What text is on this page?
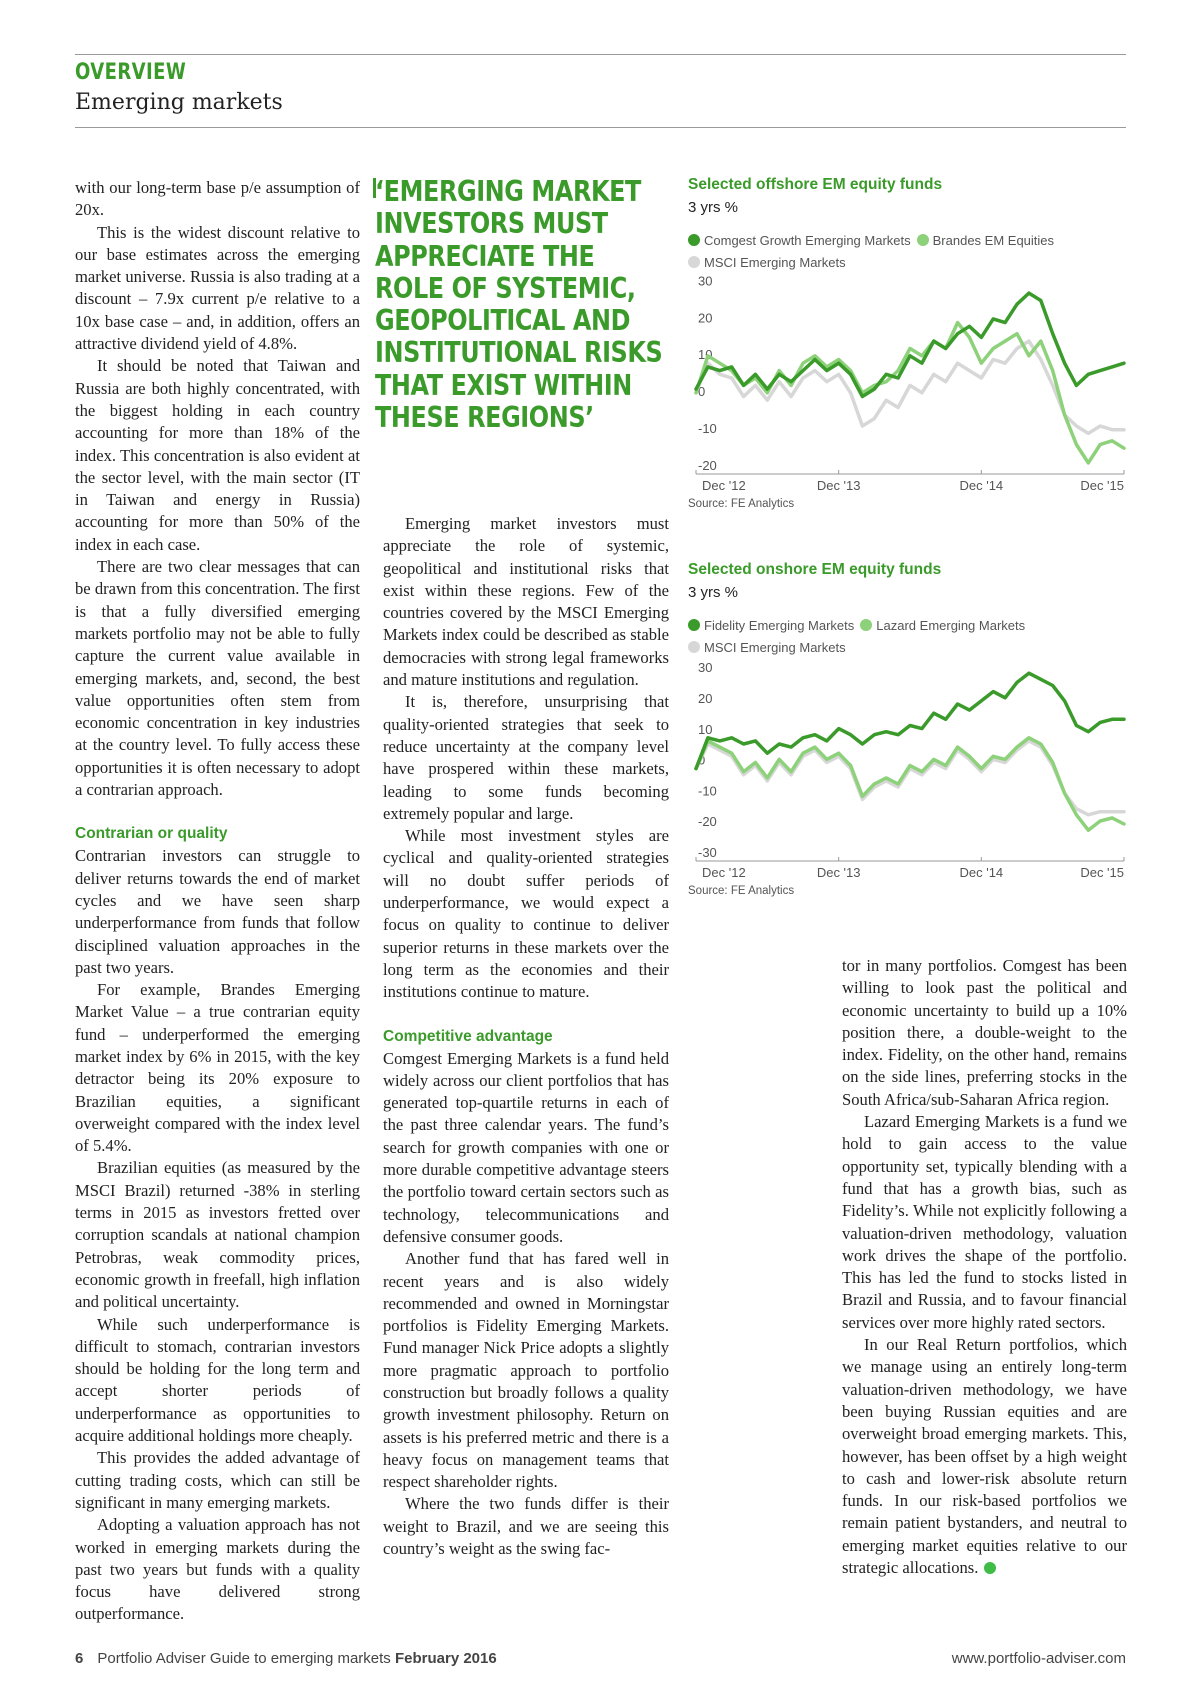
OVERVIEW
Emerging markets

with our long-term base p/e assumption of 20x.

This is the widest discount relative to our base estimates across the emerging market universe. Russia is also trading at a discount – 7.9x current p/e relative to a 10x base case – and, in addition, offers an attractive dividend yield of 4.8%.

It should be noted that Taiwan and Russia are both highly concentrated, with the biggest holding in each country accounting for more than 18% of the index. This concentration is also evident at the sector level, with the main sector (IT in Taiwan and energy in Russia) accounting for more than 50% of the index in each case.

There are two clear messages that can be drawn from this concentration. The first is that a fully diversified emerging markets portfolio may not be able to fully capture the current value available in emerging markets, and, second, the best value opportunities often stem from economic concentration in key industries at the country level. To fully access these opportunities it is often necessary to adopt a contrarian approach.

Contrarian or quality

Contrarian investors can struggle to deliver returns towards the end of market cycles and we have seen sharp underperformance from funds that follow disciplined valuation approaches in the past two years.

For example, Brandes Emerging Market Value – a true contrarian equity fund – underperformed the emerging market index by 6% in 2015, with the key detractor being its 20% exposure to Brazilian equities, a significant overweight compared with the index level of 5.4%.

Brazilian equities (as measured by the MSCI Brazil) returned -38% in sterling terms in 2015 as investors fretted over corruption scandals at national champion Petrobras, weak commodity prices, economic growth in freefall, high inflation and political uncertainty.

While such underperformance is difficult to stomach, contrarian investors should be holding for the long term and accept shorter periods of underperformance as opportunities to acquire additional holdings more cheaply.

This provides the added advantage of cutting trading costs, which can still be significant in many emerging markets.

Adopting a valuation approach has not worked in emerging markets during the past two years but funds with a quality focus have delivered strong outperformance.

‘EMERGING MARKET
INVESTORS MUST
APPRECIATE THE
ROLE OF SYSTEMIC,
GEOPOLITICAL AND
INSTITUTIONAL RISKS
THAT EXIST WITHIN
THESE REGIONS’

Emerging market investors must appreciate the role of systemic, geopolitical and institutional risks that exist within these regions. Few of the countries covered by the MSCI Emerging Markets index could be described as stable democracies with strong legal frameworks and mature institutions and regulation.

It is, therefore, unsurprising that quality-oriented strategies that seek to reduce uncertainty at the company level have prospered within these markets, leading to some funds becoming extremely popular and large.

While most investment styles are cyclical and quality-oriented strategies will no doubt suffer periods of underperformance, we would expect a focus on quality to continue to deliver superior returns in these markets over the long term as the economies and their institutions continue to mature.

Competitive advantage

Comgest Emerging Markets is a fund held widely across our client portfolios that has generated top-quartile returns in each of the past three calendar years. The fund’s search for growth companies with one or more durable competitive advantage steers the portfolio toward certain sectors such as technology, telecommunications and defensive consumer goods.

Another fund that has fared well in recent years and is also widely recommended and owned in Morningstar portfolios is Fidelity Emerging Markets. Fund manager Nick Price adopts a slightly more pragmatic approach to portfolio construction but broadly follows a quality growth investment philosophy. Return on assets is his preferred metric and there is a heavy focus on management teams that respect shareholder rights.

Where the two funds differ is their weight to Brazil, and we are seeing this country’s weight as the swing fac-

Selected offshore EM equity funds
3 yrs %
Comgest Growth Emerging Markets Brandes EM Equities
MSCI Emerging Markets
30
20
10
0
-10
-20
Dec '12	Dec '13	Dec '14	Dec '15
Source: FE Analytics
Selected onshore EM equity funds
3 yrs %
Fidelity Emerging Markets Lazard Emerging Markets
MSCI Emerging Markets
30
20
10
0
-10
-20
-30
Dec '12	Dec '13	Dec '14	Dec '15
Source: FE Analytics

tor in many portfolios. Comgest has been willing to look past the political and economic uncertainty to build up a 10% position there, a double-weight to the index. Fidelity, on the other hand, remains on the side lines, preferring stocks in the South Africa/sub-Saharan Africa region.

Lazard Emerging Markets is a fund we hold to gain access to the value opportunity set, typically blending with a fund that has a growth bias, such as Fidelity’s. While not explicitly following a valuation-driven methodology, valuation work drives the shape of the portfolio. This has led the fund to stocks listed in Brazil and Russia, and to favour financial services over more highly rated sectors.

In our Real Return portfolios, which we manage using an entirely long-term valuation-driven methodology, we have been buying Russian equities and are overweight broad emerging markets. This, however, has been offset by a high weight to cash and lower-risk absolute return funds. In our risk-based portfolios we remain patient bystanders, and neutral to emerging market equities relative to our strategic allocations.

6 Portfolio Adviser Guide to emerging markets February 2016	www.portfolio-adviser.com
